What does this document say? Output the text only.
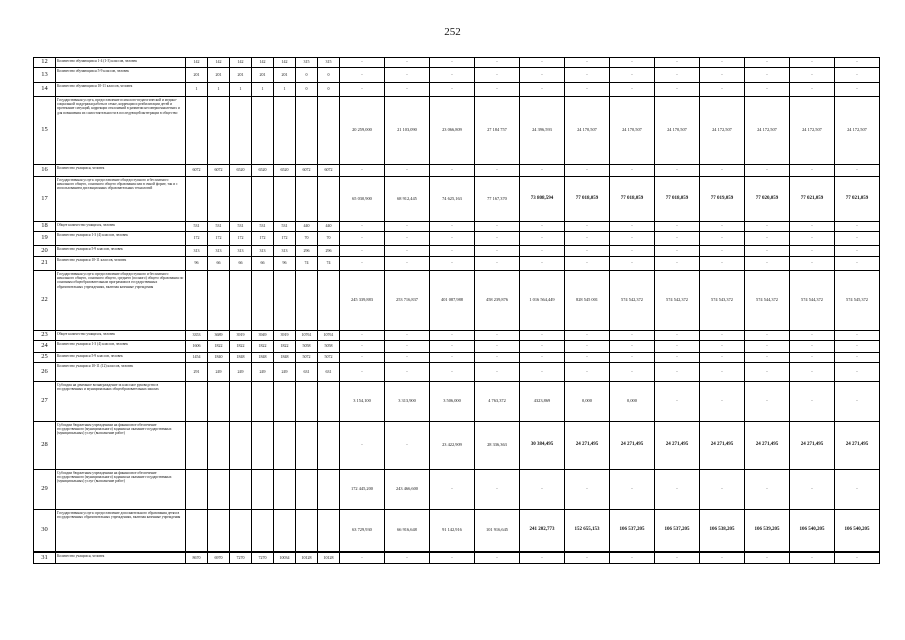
252
12	Количество обучающихся 1-4 (1-3) классов, человек	142	142	142	142	142	315	315	-	-	-	-	-	-	-	-	-	-	-	-
13	Количество обучающихся 5-9 классов, человек	201	201	201	201	201	0	0	-	-	-	-	-	-	-	-	-	-	-	-
14	Количество обучающихся 10-11 классов, человек	1	1	1	1	1	0	0	-	-	-	-	-	-	-	-	-	-	-	-
15	Государственная услуга, предоставление психолого-педагогической и медико-социальной поддержки работы в семье, коррекции и реабилитации детей и протекание ситуаций, коррекции отклонений в развитии несовершеннолетних и для повышения их самостоятельности в последующей интеграции в общество								20 259,000	21 103,090	23 066,809	27 184 757	24 396,593	24 170,507	24 170,507	24 170,507	24 172,507	24 172,507	24 172,507	24 172,507
16	Количество учащихся, человек	6072	6072	6520	6520	6520	6072	6072	-	-	-	-	-	-	-	-	-	-	-	-
17	Государственная услуга: предоставление общедоступного и бесплатного начального общего, основного общего образования или в очной форме, так и с использованием дистанционных образовательных технологий								65 030,900	68 912,445	74 625,163	77 167,370	73 808,594	77 018,059	77 018,059	77 018,059	77 019,059	77 020,059	77 021,059	77 021,059
18	Общее количество учащихся, человек	531	531	531	531	531	440	440	-	-	-	-	-	-	-	-	-	-	-	-
19	Количество учащихся 1-3 (4) классов, человек	172	172	172	172	172	70	70	-	-	-	-	-	-	-	-	-	-	-	-
20	Количество учащихся 5-9 классов, человек	313	313	313	313	313	296	296	-	-	-	-	-	-	-	-	-	-	-	-
21	Количество учащихся 10-11 классов, человек	96	66	66	66	96	74	74	-	-	-	-	-	-	-	-	-	-	-	-
22	Государственная услуга: предоставление общедоступного и бесплатного начального общего, основного общего, среднего (полного) общего образования по основным общеобразовательным программам в государственных образовательных учреждениях, включая казенные учреждения								245 339,883	253 716,837	401 087,988	458 239,876	1 016 564,449	828 545 001	574 542,372	574 542,372	574 543,372	574 544,372	574 544,372	574 545,372
23	Общее количество учащихся, человек	3353	3689	3919	3949	3919	10761	10761	-	-	-	-	-	-	-	-	-	-	-	-
24	Количество учащихся 1-3 (4) классов, человек	1606	1822	1822	1822	1822	5058	5058	-	-	-	-	-	-	-	-	-	-	-	-
25	Количество учащихся 5-9 классов, человек	1454	1840	1848	1848	1848	5072	5072	-	-	-	-	-	-	-	-	-	-	-	-
26	Количество учащихся 10-11 (12) классов, человек	291	249	249	249	249	631	631	-	-	-	-	-	-	-	-	-	-	-	-
27	Субсидия на денежное вознаграждение за классное руководство в государственных и муниципальных общеобразовательных школах								3 154,100	3 313,900	3 506,000	4 763,372	4323,869	0,000	0,000	-	-	-	-	-
28	Субсидии бюджетным учреждениям на финансовое обеспечение государственного (муниципального) задания на оказание государственных (муниципальных) услуг (выполнение работ)								-	-	23 422,909	28 336,363	30 384,495	24 271,495	24 271,495	24 271,495	24 271,495	24 271,495	24 271,495	24 271,495
29	Субсидии бюджетным учреждениям на финансовое обеспечение государственного (муниципального) задания на оказание государственных (муниципальных) услуг (выполнение работ)								172 445,200	243 466,600	-	-	-	-	-	-	-	-	-	-
30	Государственная услуга: предоставление дополнительного образования детям в государственных образовательных учреждениях, включая казенные учреждения								63 729,930	66 916,648	91 142,916	101 916,645	241 202,773	152 655,153	106 537,205	106 537,205	106 538,205	106 539,205	106 540,205	106 540,205
31	Количество учащихся, человек	8670	6970	7270	7270	10034	10128	10128	-	-	-	-	-	-	-	-	-	-	-	-
